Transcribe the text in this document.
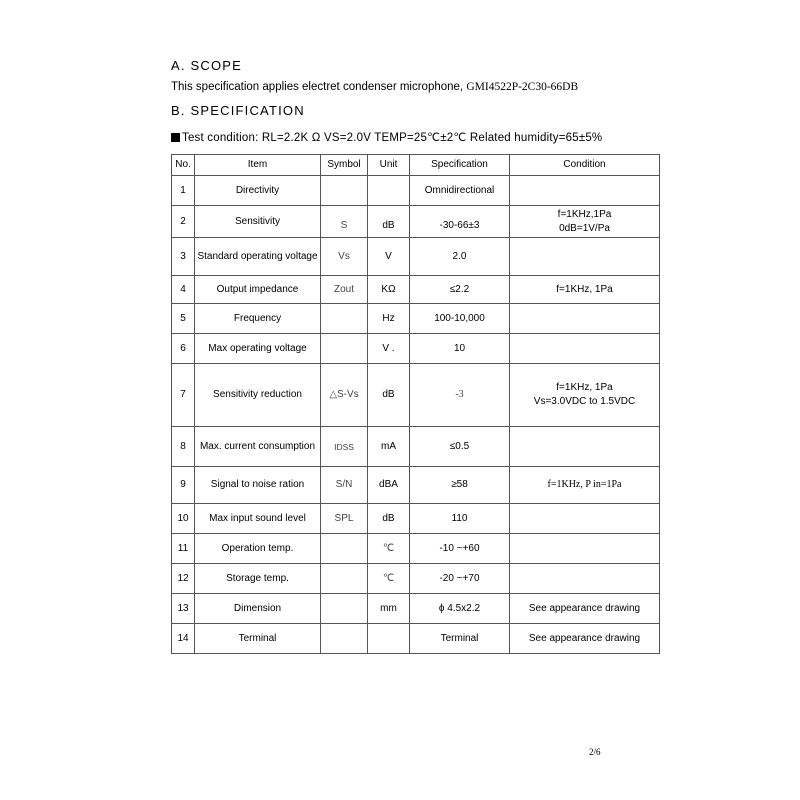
A. SCOPE
This specification applies electret condenser microphone, GMI4522P-2C30-66DB
B. SPECIFICATION
Test condition: RL=2.2K Ω VS=2.0V TEMP=25℃±2℃ Related humidity=65±5%
No.	Item	Symbol	Unit	Specification	Condition
1	Directivity			Omnidirectional	

2	Sensitivity	S	dB	-30-66±3	f=1KHz,1Pa
0dB=1V/Pa

3	Standard operating voltage	Vs	V	2.0	

4	Output impedance	Zout	KΩ	≤2.2	f=1KHz, 1Pa

5	Frequency		Hz	100-10,000	

6	Max operating voltage		V .	10	

7	Sensitivity reduction	△S-Vs	dB	-3	f=1KHz, 1Pa
Vs=3.0VDC to 1.5VDC

8	Max. current consumption	IDSS	mA	≤0.5	

9	Signal to noise ration	S/N	dBA	≥58	f=1KHz, P in=1Pa

10	Max input sound level	SPL	dB	110	

11	Operation temp.		℃	-10 ~+60	

12	Storage temp.		℃	-20 ~+70	

13	Dimension		mm	ϕ 4.5x2.2	See appearance drawing

14	Terminal			Terminal	See appearance drawing
2/6
